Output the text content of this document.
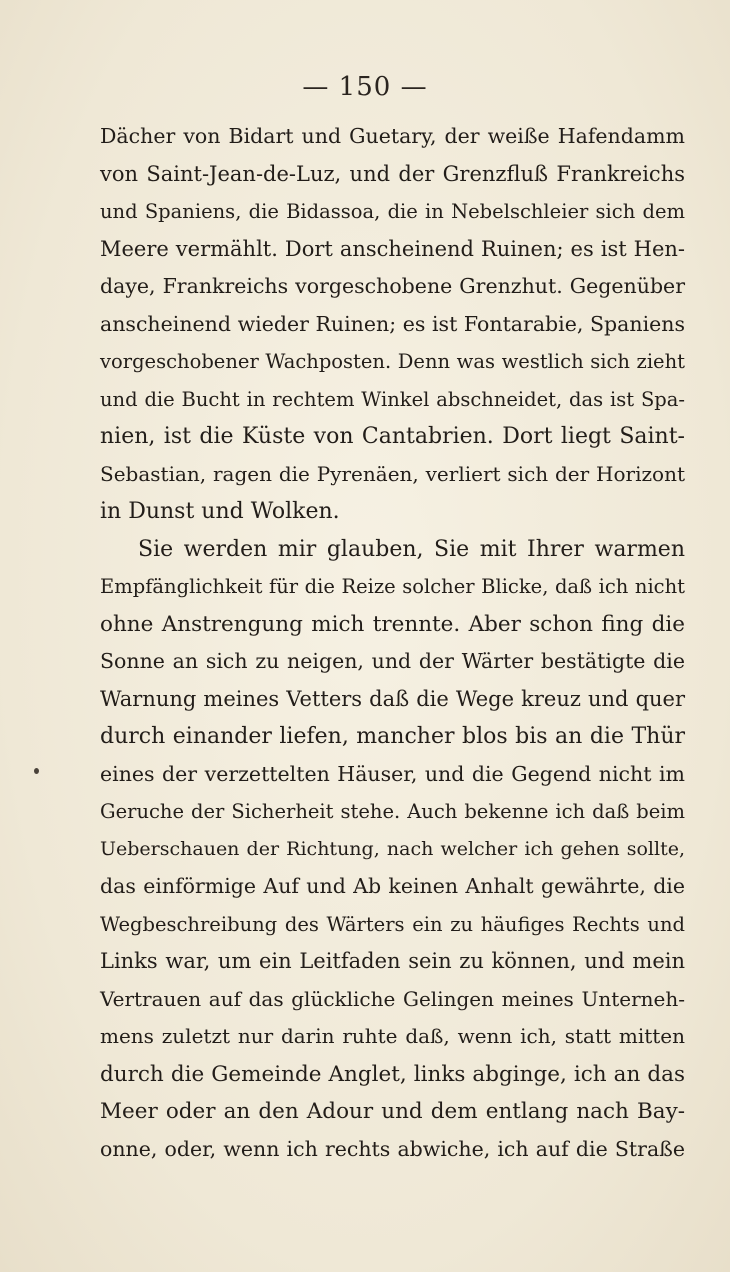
— 150 —
Dächer von Bidart und Guetary, der weiße Hafendamm
von Saint-Jean-de-Luz, und der Grenzfluß Frankreichs
und Spaniens, die Bidassoa, die in Nebelschleier sich dem
Meere vermählt. Dort anscheinend Ruinen; es ist Hen-
daye, Frankreichs vorgeschobene Grenzhut. Gegenüber
anscheinend wieder Ruinen; es ist Fontarabie, Spaniens
vorgeschobener Wachposten. Denn was westlich sich zieht
und die Bucht in rechtem Winkel abschneidet, das ist Spa-
nien, ist die Küste von Cantabrien. Dort liegt Saint-
Sebastian, ragen die Pyrenäen, verliert sich der Horizont
in Dunst und Wolken.
Sie werden mir glauben, Sie mit Ihrer warmen
Empfänglichkeit für die Reize solcher Blicke, daß ich nicht
ohne Anstrengung mich trennte. Aber schon fing die
Sonne an sich zu neigen, und der Wärter bestätigte die
Warnung meines Vetters daß die Wege kreuz und quer
durch einander liefen, mancher blos bis an die Thür
eines der verzettelten Häuser, und die Gegend nicht im
Geruche der Sicherheit stehe. Auch bekenne ich daß beim
Ueberschauen der Richtung, nach welcher ich gehen sollte,
das einförmige Auf und Ab keinen Anhalt gewährte, die
Wegbeschreibung des Wärters ein zu häufiges Rechts und
Links war, um ein Leitfaden sein zu können, und mein
Vertrauen auf das glückliche Gelingen meines Unterneh-
mens zuletzt nur darin ruhte daß, wenn ich, statt mitten
durch die Gemeinde Anglet, links abginge, ich an das
Meer oder an den Adour und dem entlang nach Bay-
onne, oder, wenn ich rechts abwiche, ich auf die Straße
